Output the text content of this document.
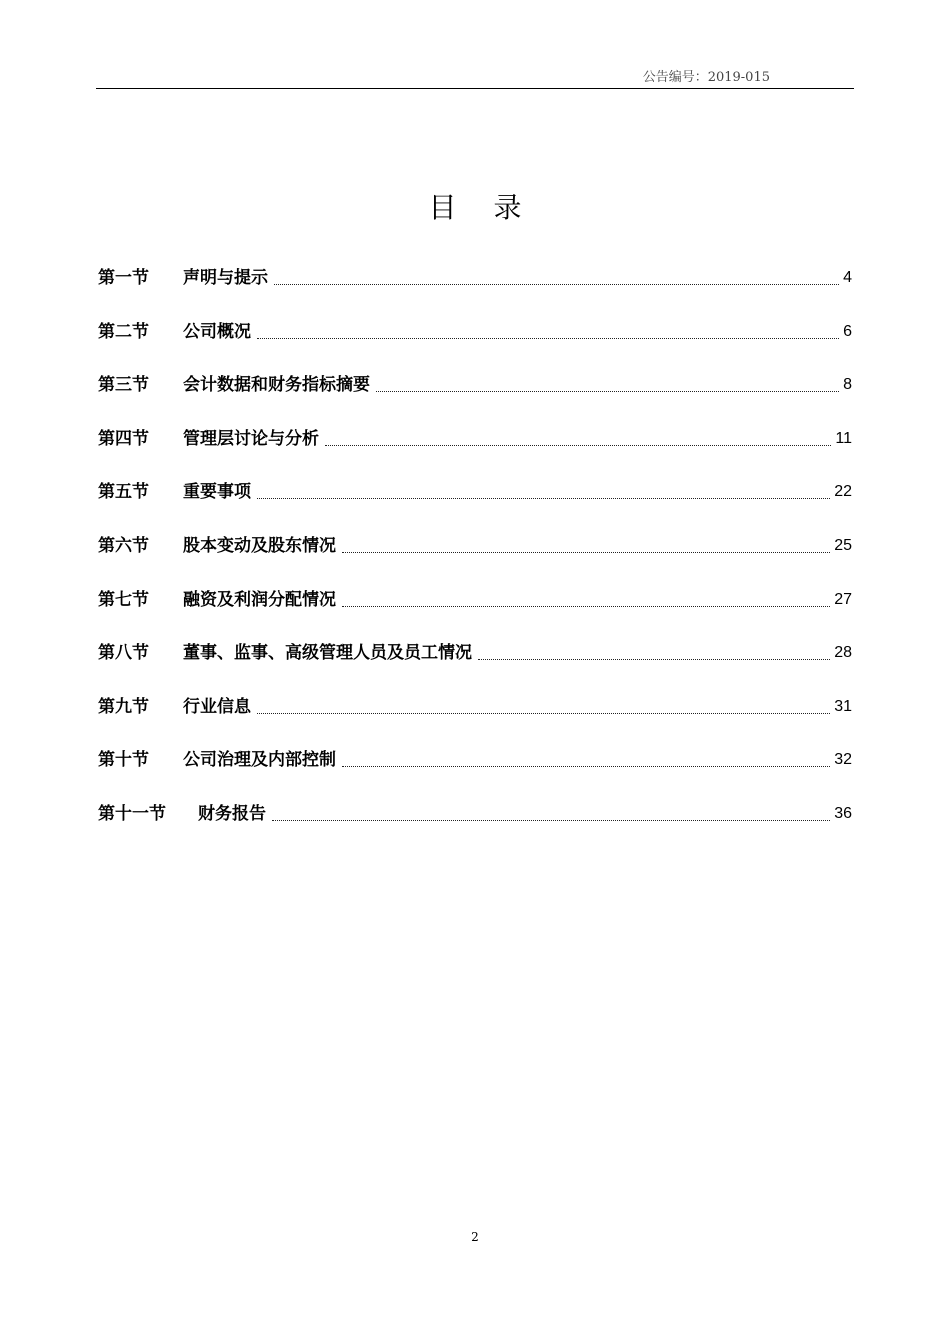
公告编号：2019-015
目 录
第一节	声明与提示	4
第二节	公司概况	6
第三节	会计数据和财务指标摘要	8
第四节	管理层讨论与分析	11
第五节	重要事项	22
第六节	股本变动及股东情况	25
第七节	融资及利润分配情况	27
第八节	董事、监事、高级管理人员及员工情况	28
第九节	行业信息	31
第十节	公司治理及内部控制	32
第十一节	财务报告	36
2
